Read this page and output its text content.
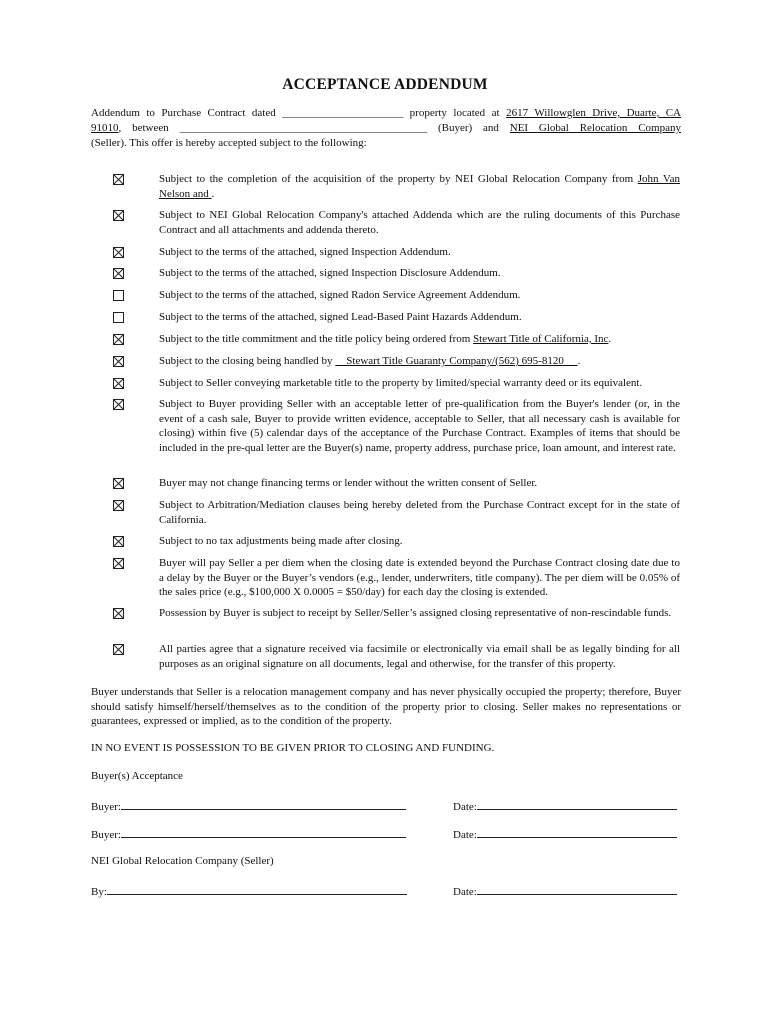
ACCEPTANCE ADDENDUM
Addendum to Purchase Contract dated ______________________ property located at 2617 Willowglen Drive, Duarte, CA
91010, between _____________________________________________ (Buyer) and NEI Global Relocation Company
(Seller). This offer is hereby accepted subject to the following:
Subject to the completion of the acquisition of the property by NEI Global Relocation Company from John Van Nelson and .
Subject to NEI Global Relocation Company's attached Addenda which are the ruling documents of this Purchase Contract and all attachments and addenda thereto.
Subject to the terms of the attached, signed Inspection Addendum.
Subject to the terms of the attached, signed Inspection Disclosure Addendum.
Subject to the terms of the attached, signed Radon Service Agreement Addendum.
Subject to the terms of the attached, signed Lead-Based Paint Hazards Addendum.
Subject to the title commitment and the title policy being ordered from Stewart Title of California, Inc.
Subject to the closing being handled by     Stewart Title Guaranty Company/(562) 695-8120     .
Subject to Seller conveying marketable title to the property by limited/special warranty deed or its equivalent.
Subject to Buyer providing Seller with an acceptable letter of pre-qualification from the Buyer's lender (or, in the event of a cash sale, Buyer to provide written evidence, acceptable to Seller, that all necessary cash is available for closing) within five (5) calendar days of the acceptance of the Purchase Contract. Examples of items that should be included in the pre-qual letter are the Buyer(s) name, property address, purchase price, loan amount, and interest rate.
Buyer may not change financing terms or lender without the written consent of Seller.
Subject to Arbitration/Mediation clauses being hereby deleted from the Purchase Contract except for in the state of California.
Subject to no tax adjustments being made after closing.
Buyer will pay Seller a per diem when the closing date is extended beyond the Purchase Contract closing date due to a delay by the Buyer or the Buyer’s vendors (e.g., lender, underwriters, title company). The per diem will be 0.05% of the sales price (e.g., $100,000 X 0.0005 = $50/day) for each day the closing is extended.
Possession by Buyer is subject to receipt by Seller/Seller’s assigned closing representative of non-rescindable funds.
All parties agree that a signature received via facsimile or electronically via email shall be as legally binding for all purposes as an original signature on all documents, legal and otherwise, for the transfer of this property.
Buyer understands that Seller is a relocation management company and has never physically occupied the property; therefore, Buyer should satisfy himself/herself/themselves as to the condition of the property prior to closing. Seller makes no representations or guarantees, expressed or implied, as to the condition of the property.
IN NO EVENT IS POSSESSION TO BE GIVEN PRIOR TO CLOSING AND FUNDING.
Buyer(s) Acceptance
Buyer:	Date:
Buyer:	Date:
NEI Global Relocation Company (Seller)
By:	Date:
